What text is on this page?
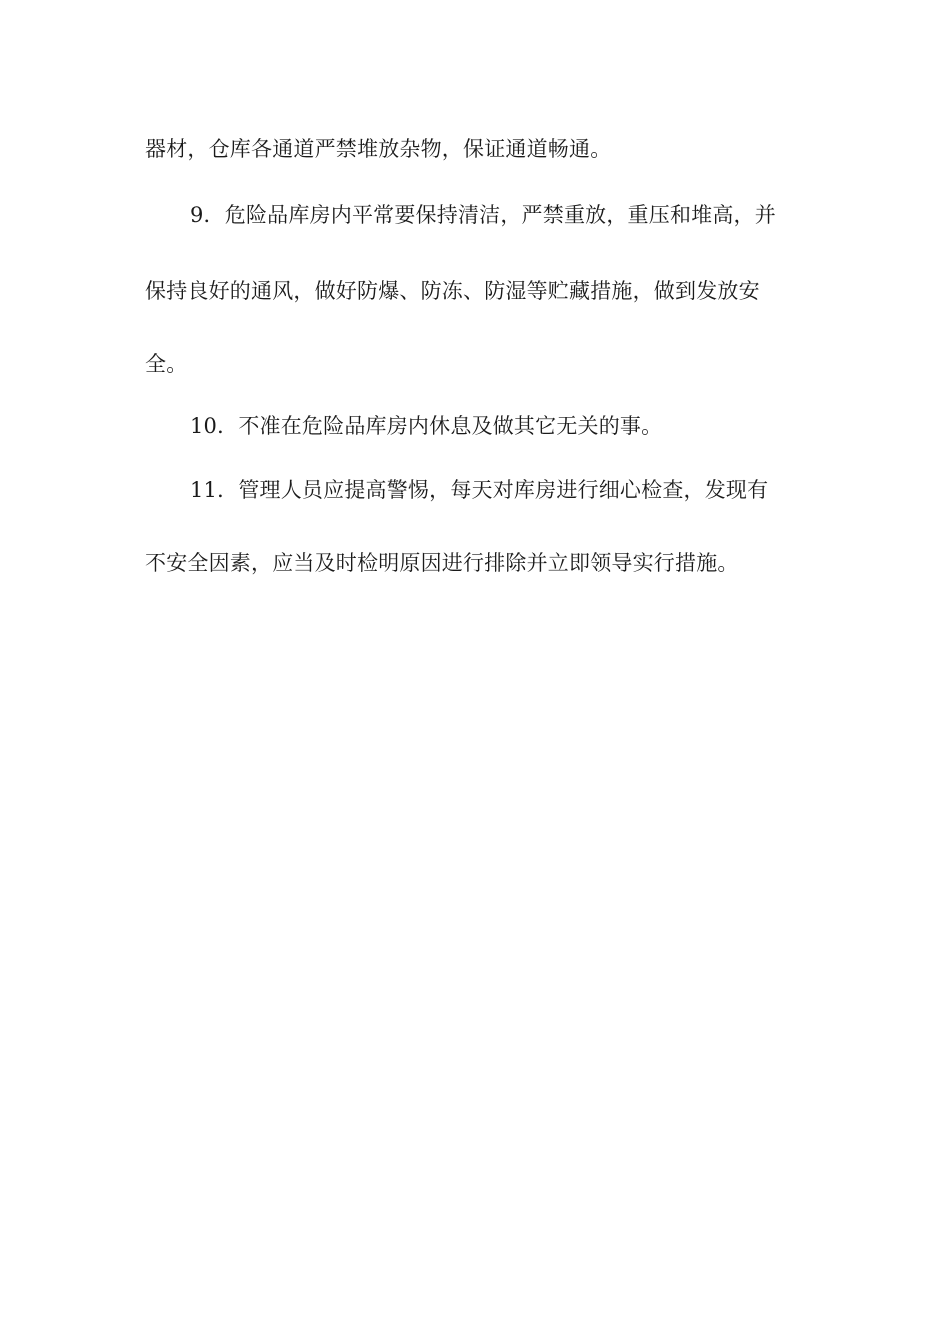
器材，仓库各通道严禁堆放杂物，保证通道畅通。
9．危险品库房内平常要保持清洁，严禁重放，重压和堆高，并
保持良好的通风，做好防爆、防冻、防湿等贮藏措施，做到发放安
全。
10．不准在危险品库房内休息及做其它无关的事。
11．管理人员应提高警惕，每天对库房进行细心检查，发现有
不安全因素，应当及时检明原因进行排除并立即领导实行措施。
